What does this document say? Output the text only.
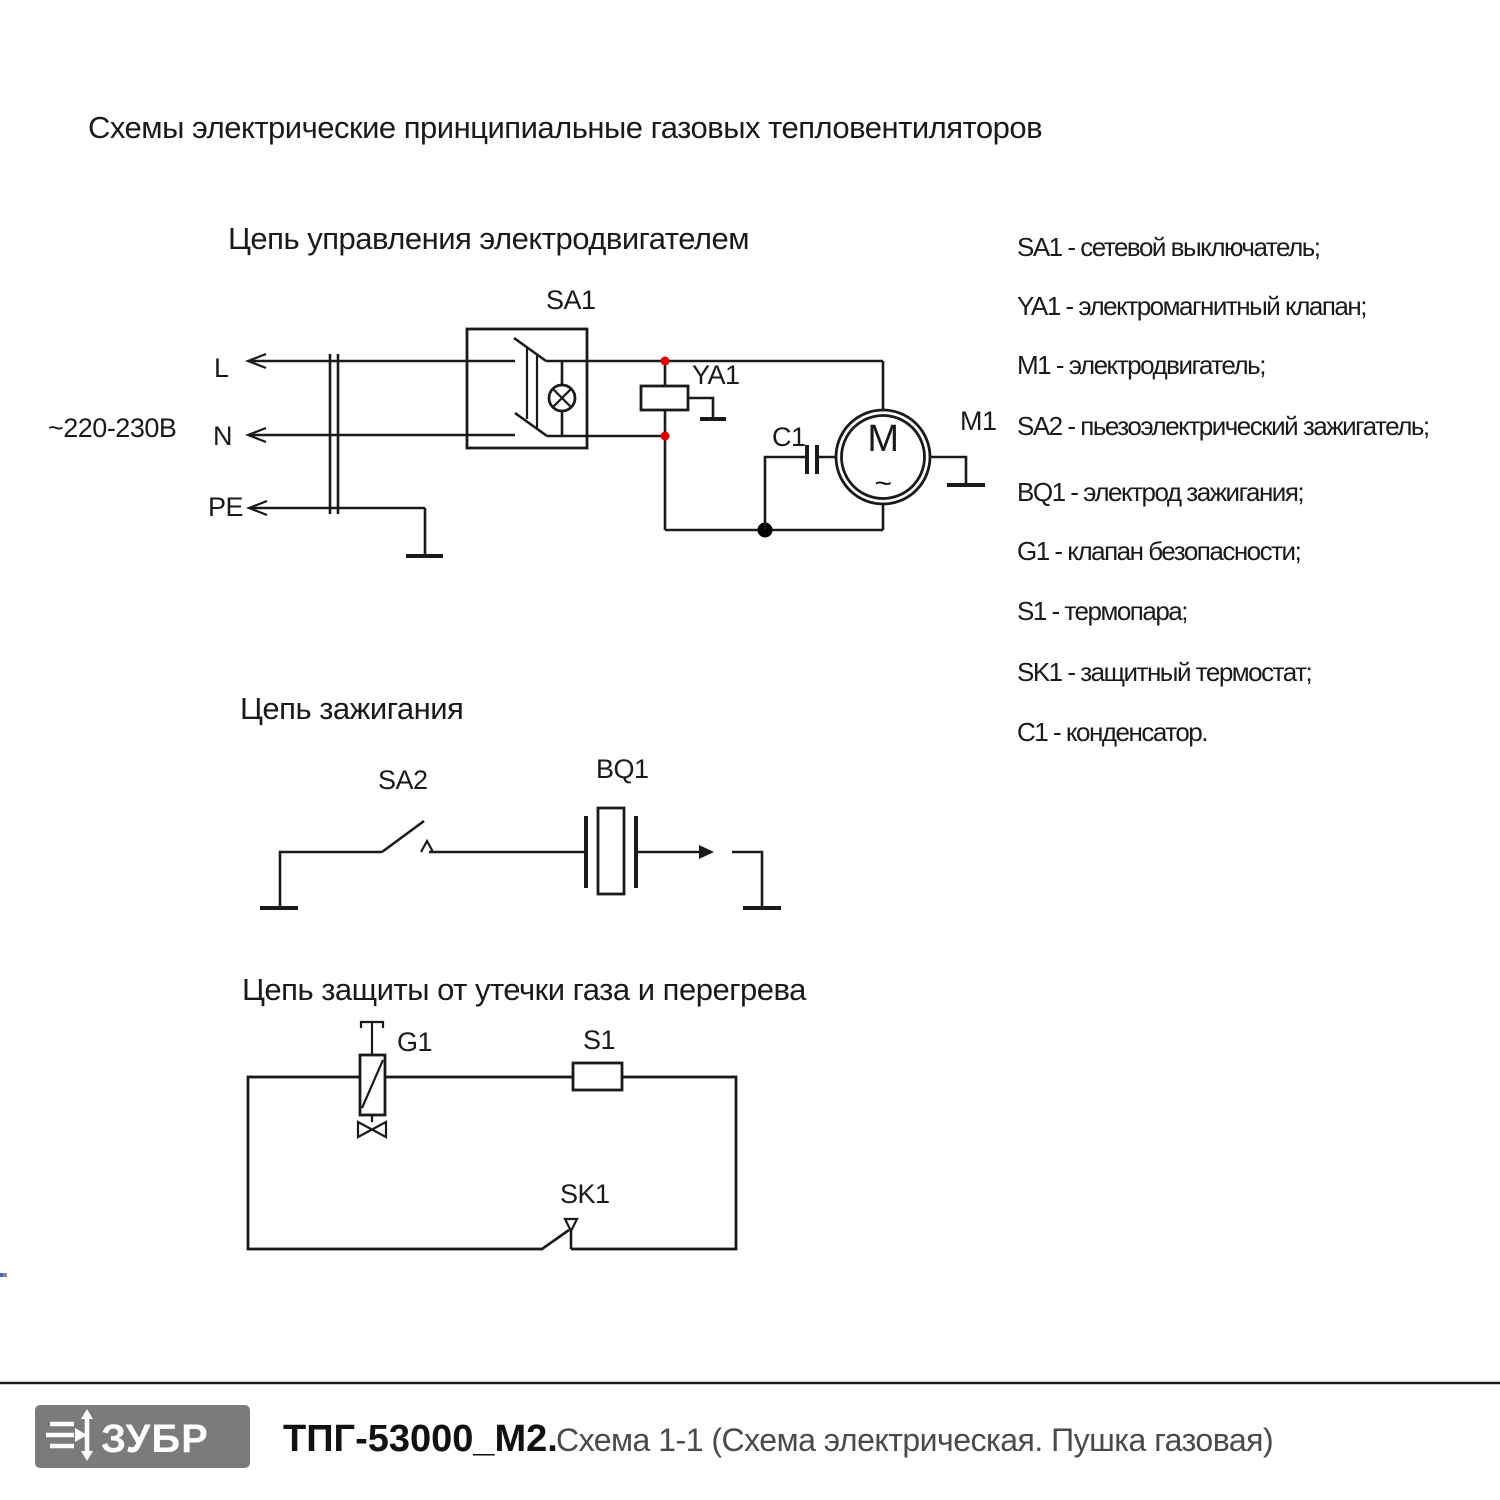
Схемы электрические принципиальные газовых тепловентиляторов
Цепь управления электродвигателем
~220-230В
L
N
PE
SA1
YA1
C1 M
~
M1
Цепь зажигания
SA2	BQ1
Цепь защиты от утечки газа и перегрева
G1	S1
SK1
SA1 - сетевой выключатель;
YA1 - электромагнитный клапан;
M1 - электродвигатель;
SA2 - пьезоэлектрический зажигатель;
BQ1 - электрод зажигания;
G1 - клапан безопасности;
S1 - термопара;
SK1 - защитный термостат;
C1 - конденсатор.
ЗУБР ТПГ-53000_М2.
Схема 1-1 (Схема электрическая. Пушка газовая)
